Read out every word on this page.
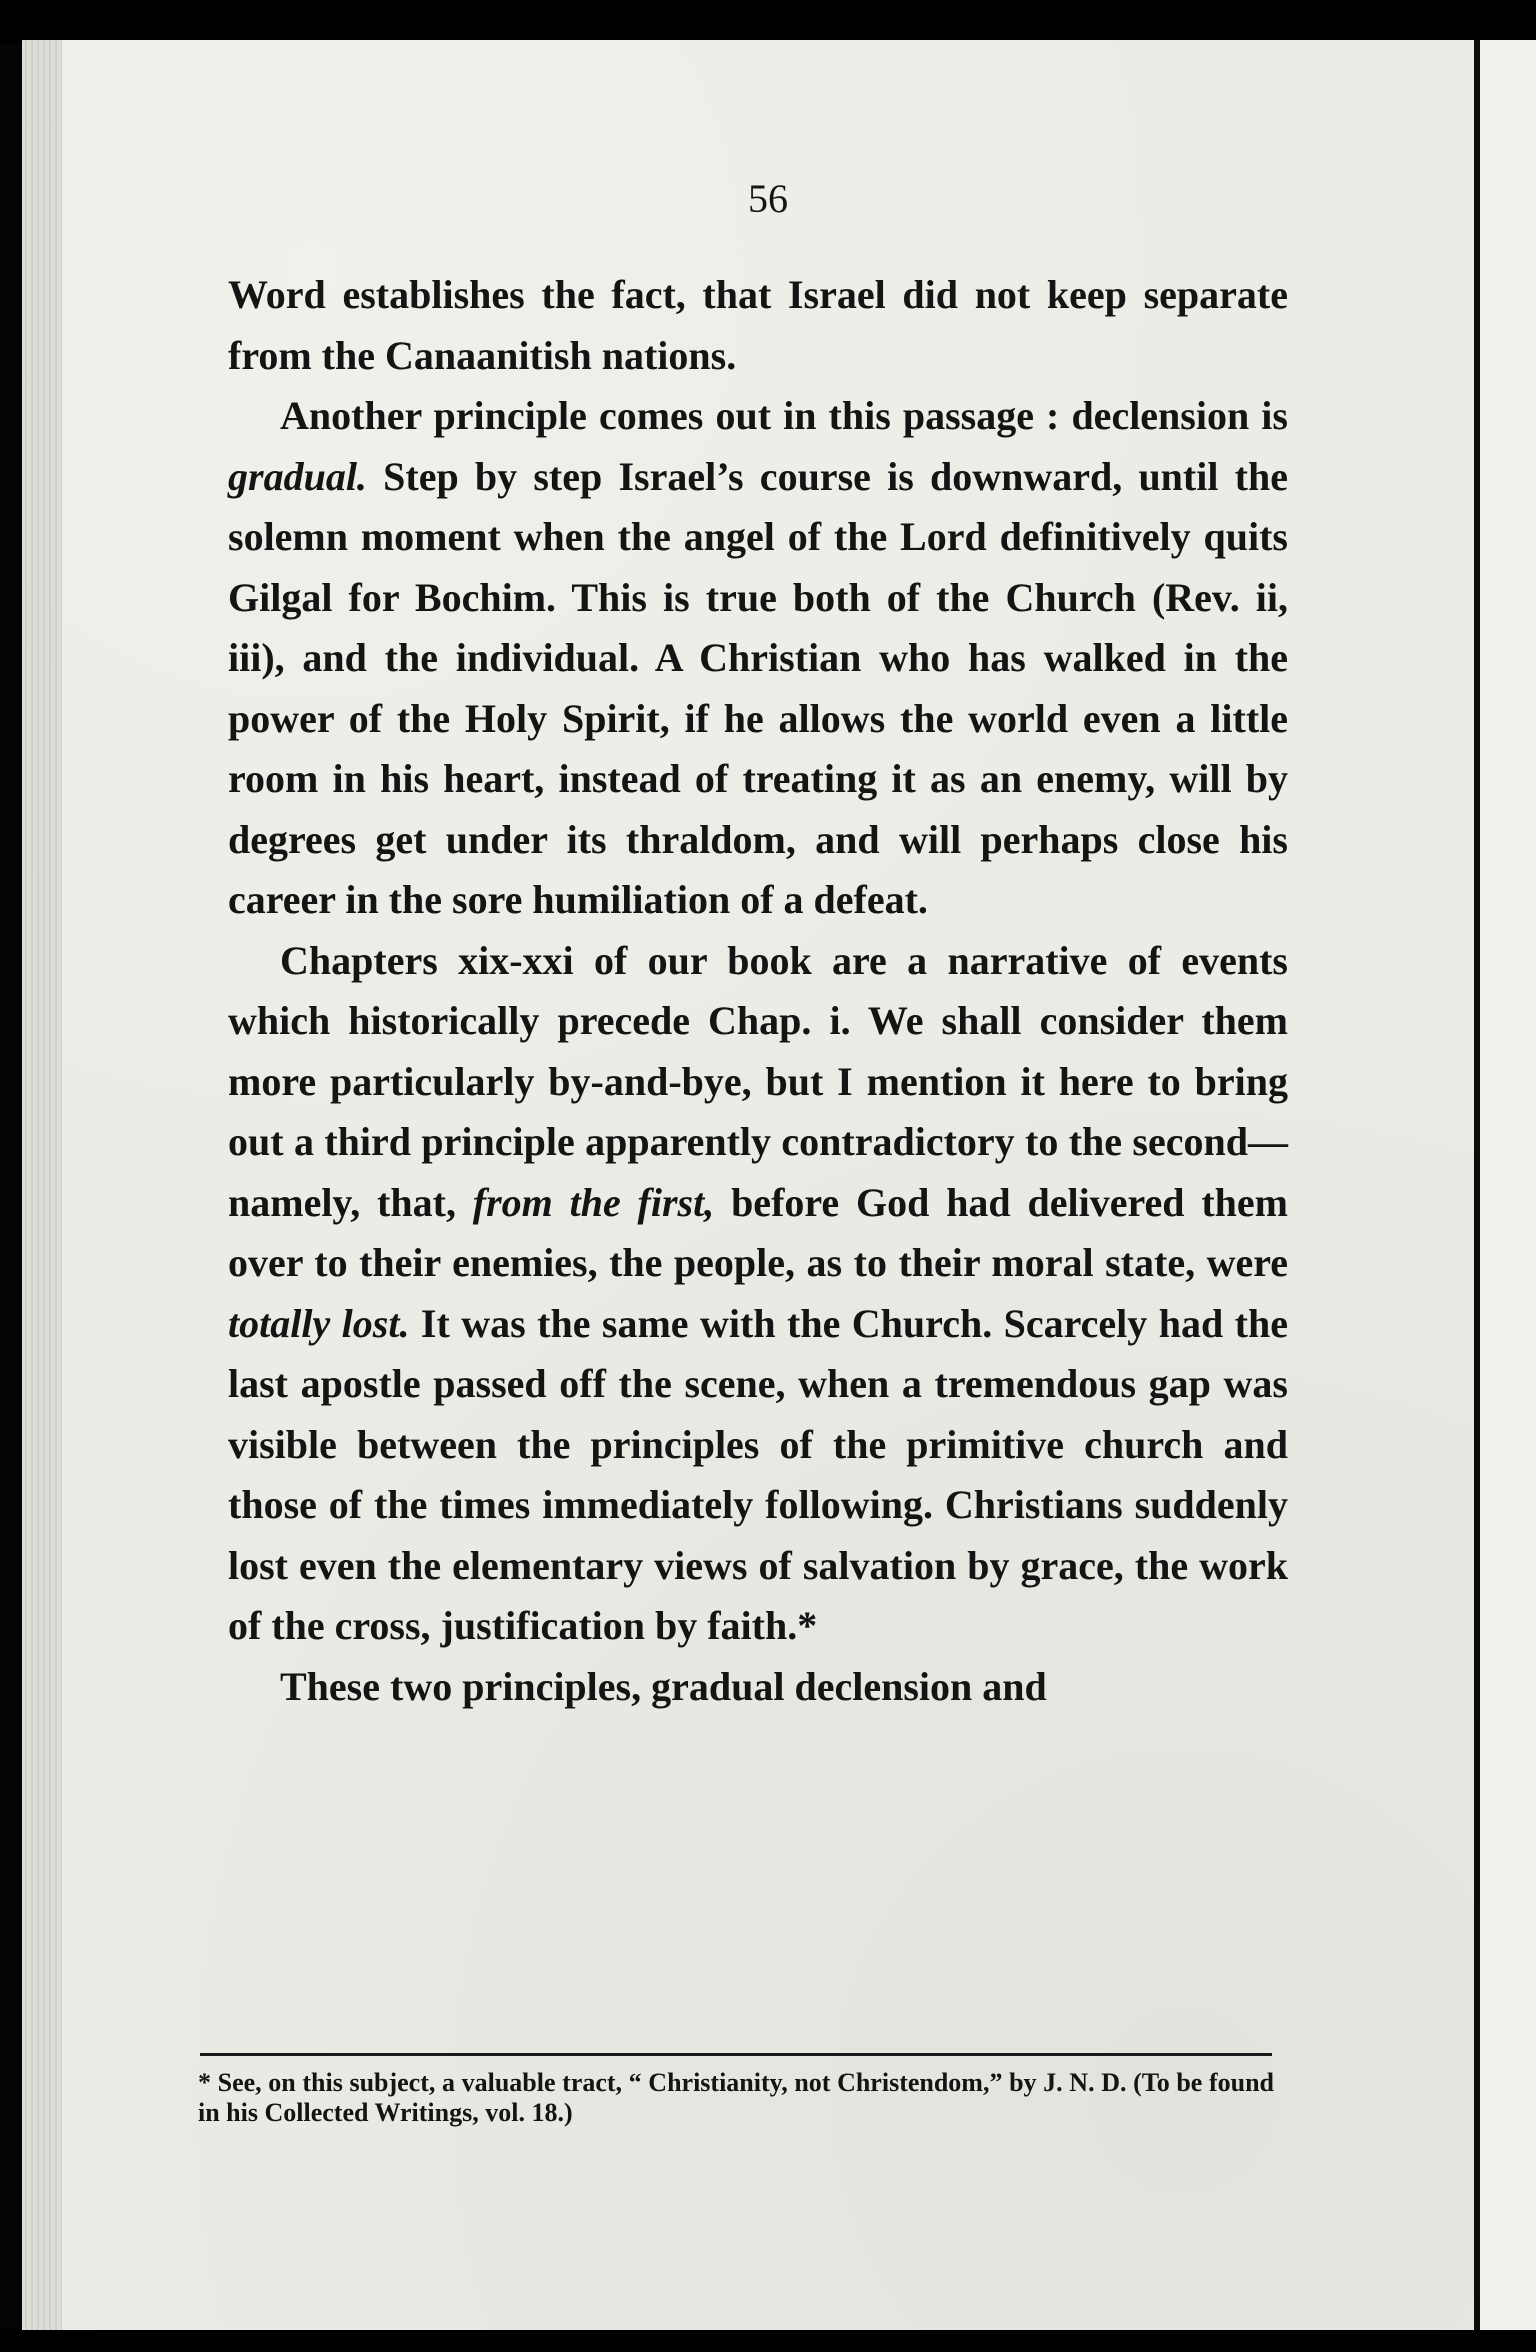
56

Word establishes the fact, that Israel did not keep separate from the Canaanitish nations.

Another principle comes out in this passage : declension is gradual. Step by step Israel’s course is downward, until the solemn moment when the angel of the Lord definitively quits Gilgal for Bochim. This is true both of the Church (Rev. ii, iii), and the individual. A Christian who has walked in the power of the Holy Spirit, if he allows the world even a little room in his heart, instead of treating it as an enemy, will by degrees get under its thraldom, and will perhaps close his career in the sore humiliation of a defeat.

Chapters xix-xxi of our book are a narrative of events which historically precede Chap. i. We shall consider them more particularly by-and-bye, but I mention it here to bring out a third principle apparently contradictory to the second—namely, that, from the first, before God had delivered them over to their enemies, the people, as to their moral state, were totally lost. It was the same with the Church. Scarcely had the last apostle passed off the scene, when a tremendous gap was visible between the principles of the primitive church and those of the times immediately following. Christians suddenly lost even the elementary views of salvation by grace, the work of the cross, justification by faith.*

These two principles, gradual declension and

* See, on this subject, a valuable tract, “ Christianity, not Christendom,” by J. N. D. (To be found in his Collected Writings, vol. 18.)
